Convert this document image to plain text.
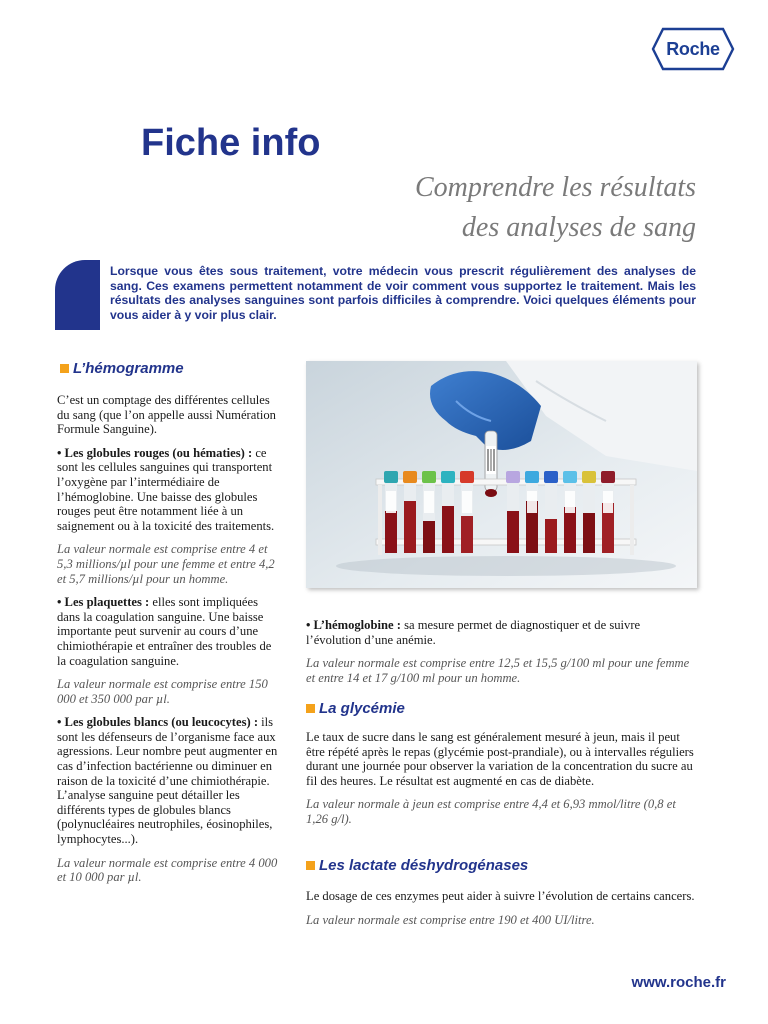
Roche
Fiche info
Comprendre les résultats
des analyses de sang
Lorsque vous êtes sous traitement, votre médecin vous prescrit régulièrement des analyses de sang. Ces examens permettent notamment de voir comment vous supportez le traitement. Mais les résultats des analyses sanguines sont parfois difficiles à comprendre. Voici quelques éléments pour vous aider à y voir plus clair.
L’hémogramme

C’est un comptage des différentes cellules du sang (que l’on appelle aussi Numération Formule Sanguine).

• Les globules rouges (ou hématies) : ce sont les cellules sanguines qui transportent l’oxygène par l’intermédiaire de l’hémoglobine. Une baisse des globules rouges peut être notamment liée à un saignement ou à la toxicité des traitements.

La valeur normale est comprise entre 4 et 5,3 millions/µl pour une femme et entre 4,2 et 5,7 millions/µl pour un homme.

• Les plaquettes : elles sont impliquées dans la coagulation sanguine. Une baisse importante peut survenir au cours d’une chimiothérapie et entraîner des troubles de la coagulation sanguine.

La valeur normale est comprise entre 150 000 et 350 000 par µl.

• Les globules blancs (ou leucocytes) : ils sont les défenseurs de l’organisme face aux agressions. Leur nombre peut augmenter en cas d’infection bactérienne ou diminuer en raison de la toxicité d’une chimiothérapie. L’analyse sanguine peut détailler les différents types de globules blancs (polynucléaires neutrophiles, éosinophiles, lymphocytes...).

La valeur normale est comprise entre 4 000 et 10 000 par µl.

• L’hémoglobine : sa mesure permet de diagnostiquer et de suivre l’évolution d’une anémie.

La valeur normale est comprise entre 12,5 et 15,5 g/100 ml pour une femme et entre 14 et 17 g/100 ml pour un homme.

La glycémie

Le taux de sucre dans le sang est généralement mesuré à jeun, mais il peut être répété après le repas (glycémie post-prandiale), ou à intervalles réguliers durant une journée pour observer la variation de la concentration du sucre au fil des heures. Le résultat est augmenté en cas de diabète.

La valeur normale à jeun est comprise entre 4,4 et 6,93 mmol/litre (0,8 et 1,26 g/l).

Les lactate déshydrogénases

Le dosage de ces enzymes peut aider à suivre l’évolution de certains cancers.

La valeur normale est comprise entre 190 et 400 UI/litre.

www.roche.fr
